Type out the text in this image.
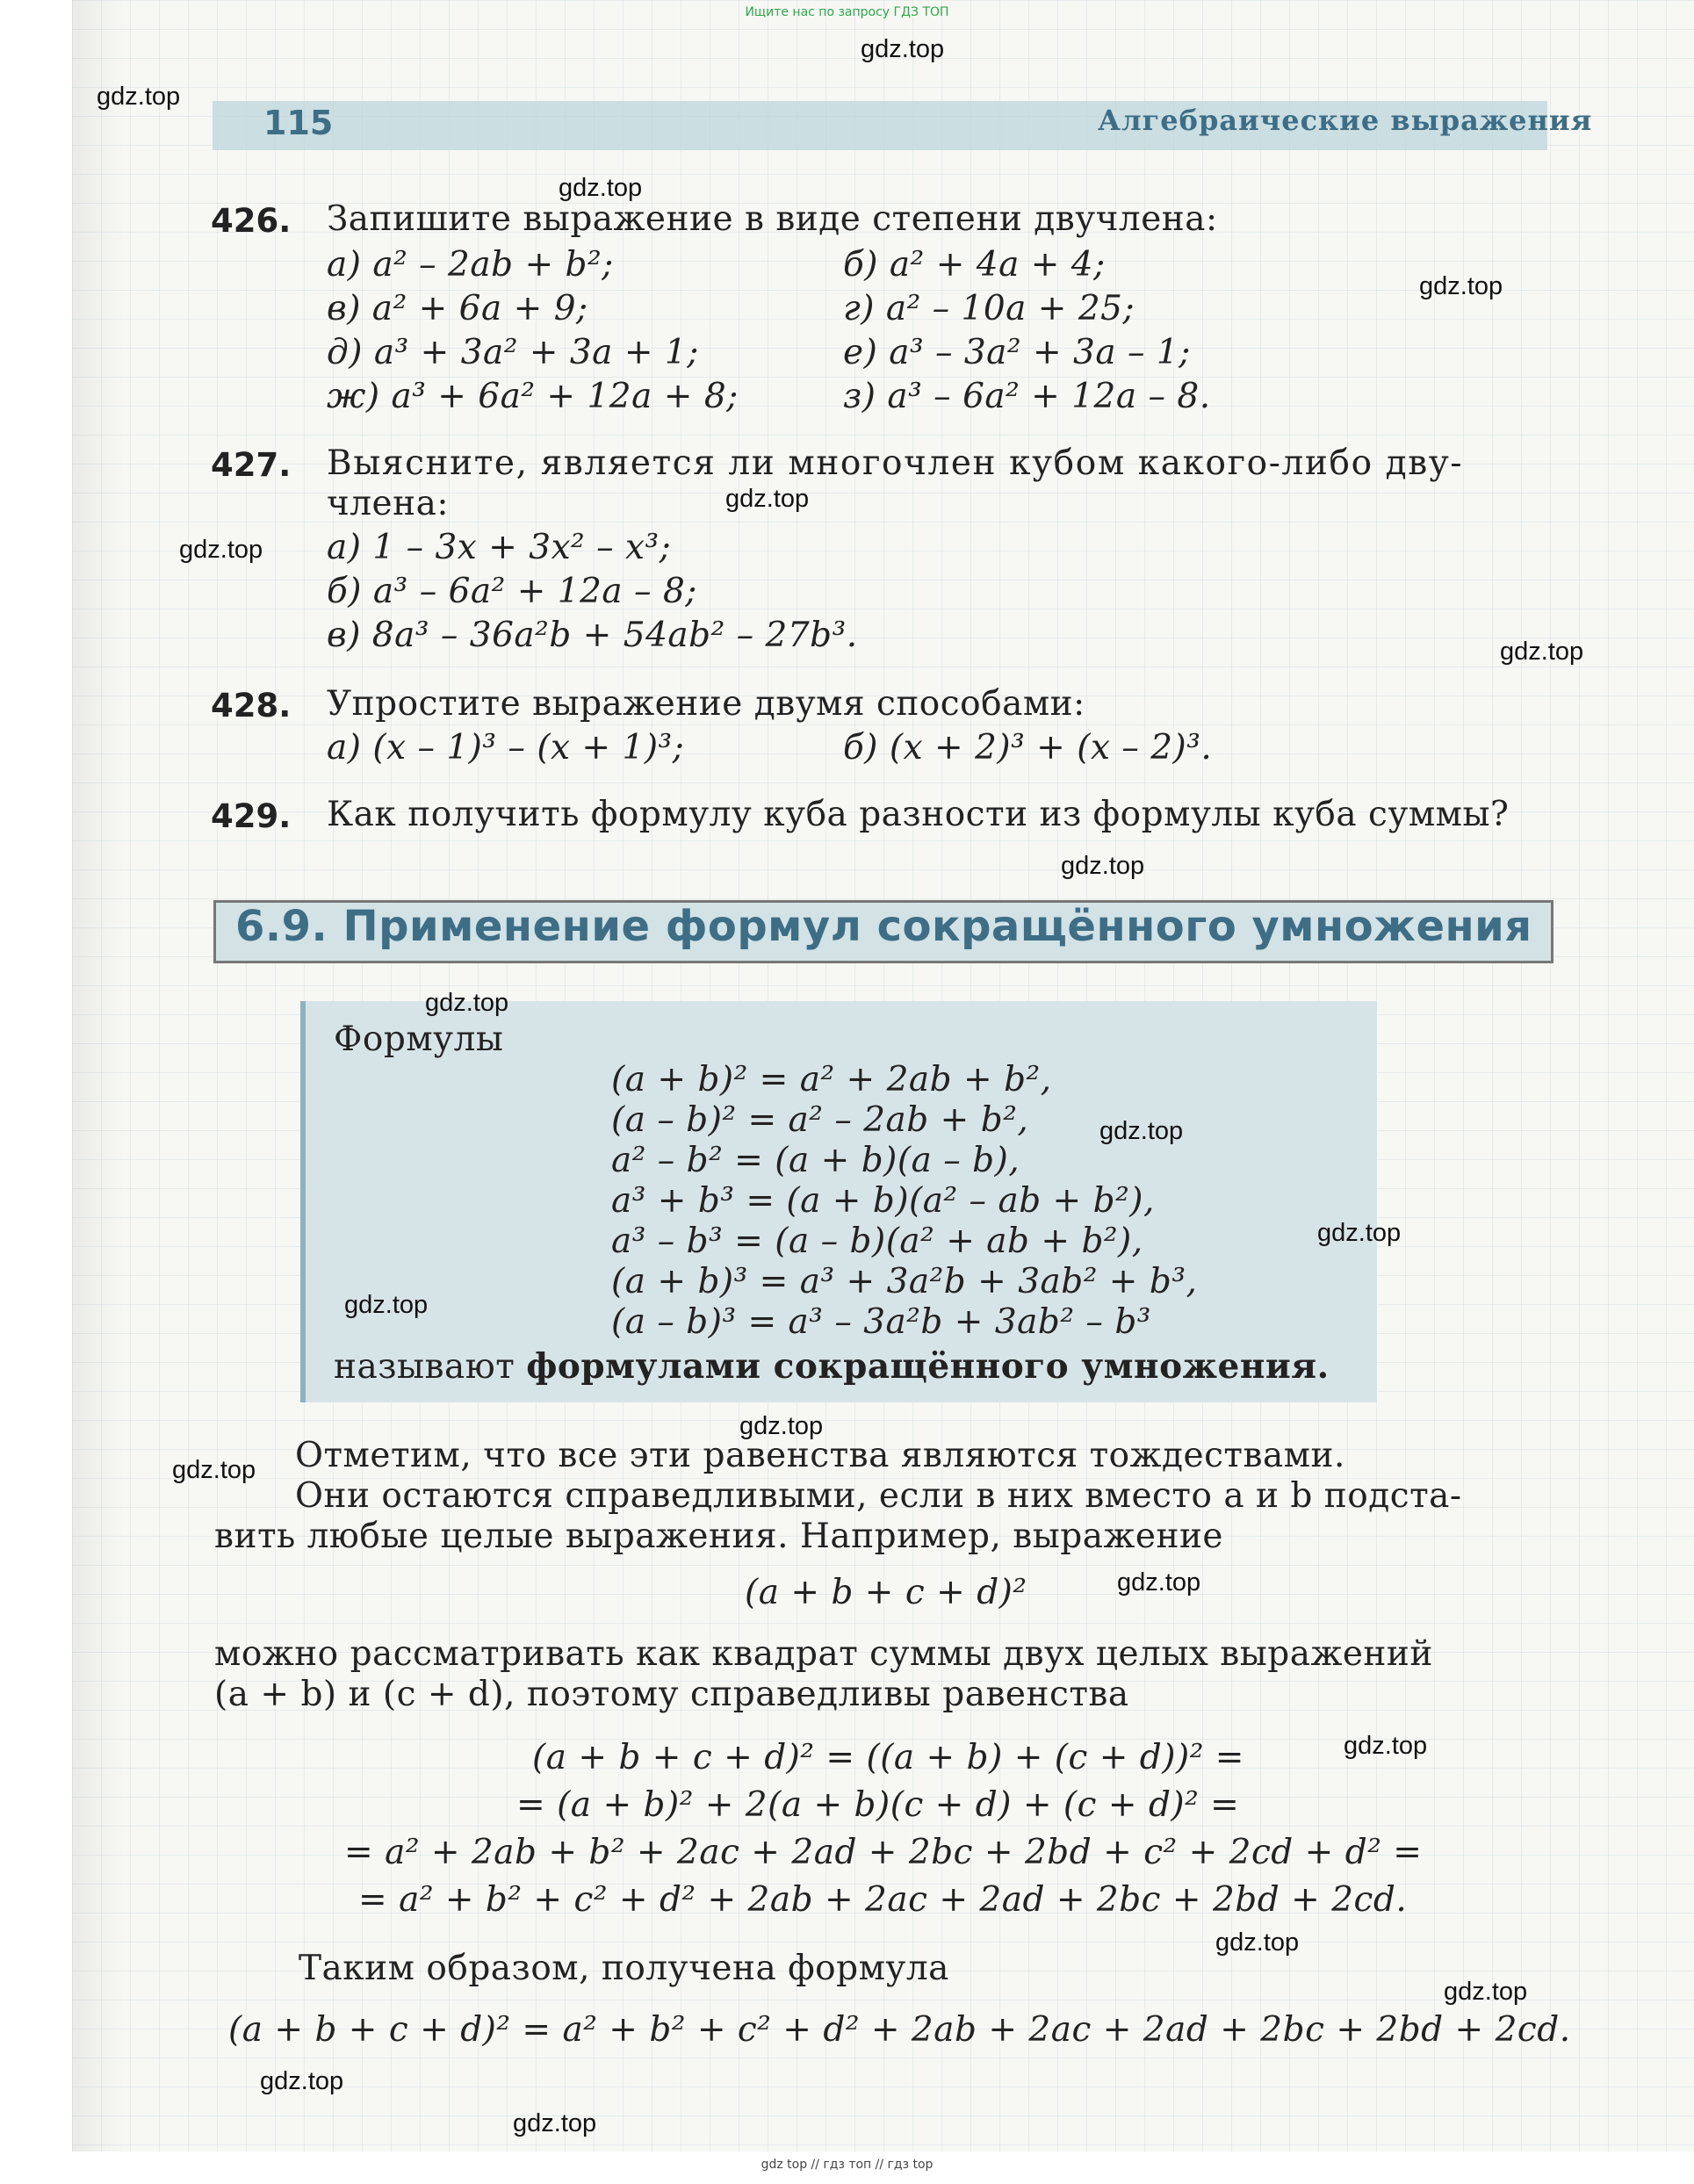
Ищите нас по запросу ГДЗ ТОП
115	Алгебраические выражения
426. Запишите выражение в виде степени двучлена:
а) a² – 2ab + b²;	б) a² + 4a + 4;
в) a² + 6a + 9;	г) a² – 10a + 25;
д) a³ + 3a² + 3a + 1;	е) a³ – 3a² + 3a – 1;
ж) a³ + 6a² + 12a + 8;	з) a³ – 6a² + 12a – 8.
427. Выясните, является ли многочлен кубом какого-либо дву-
члена:
а) 1 – 3x + 3x² – x³;
б) a³ – 6a² + 12a – 8;
в) 8a³ – 36a²b + 54ab² – 27b³.
428. Упростите выражение двумя способами:
а) (x – 1)³ – (x + 1)³;	б) (x + 2)³ + (x – 2)³.
429. Как получить формулу куба разности из формулы куба суммы?
6.9. Применение формул сокращённого умножения
Формулы
(a + b)² = a² + 2ab + b²,
(a – b)² = a² – 2ab + b²,
a² – b² = (a + b)(a – b),
a³ + b³ = (a + b)(a² – ab + b²),
a³ – b³ = (a – b)(a² + ab + b²),
(a + b)³ = a³ + 3a²b + 3ab² + b³,
(a – b)³ = a³ – 3a²b + 3ab² – b³
называют формулами сокращённого умножения.
Отметим, что все эти равенства являются тождествами.
Они остаются справедливыми, если в них вместо a и b подста-
вить любые целые выражения. Например, выражение
(a + b + c + d)²
можно рассматривать как квадрат суммы двух целых выражений
(a + b) и (c + d), поэтому справедливы равенства
(a + b + c + d)² = ((a + b) + (c + d))² =
= (a + b)² + 2(a + b)(c + d) + (c + d)² =
= a² + 2ab + b² + 2ac + 2ad + 2bc + 2bd + c² + 2cd + d² =
= a² + b² + c² + d² + 2ab + 2ac + 2ad + 2bc + 2bd + 2cd.
Таким образом, получена формула
(a + b + c + d)² = a² + b² + c² + d² + 2ab + 2ac + 2ad + 2bc + 2bd + 2cd.
gdz.top
gdz.top
gdz.top
gdz.top
gdz.top
gdz.top
gdz.top
gdz.top
gdz.top
gdz.top
gdz.top
gdz.top
gdz.top
gdz.top
gdz.top
gdz.top
gdz.top
gdz.top
gdz.top
gdz.top
gdz top // гдз топ // гдз top
